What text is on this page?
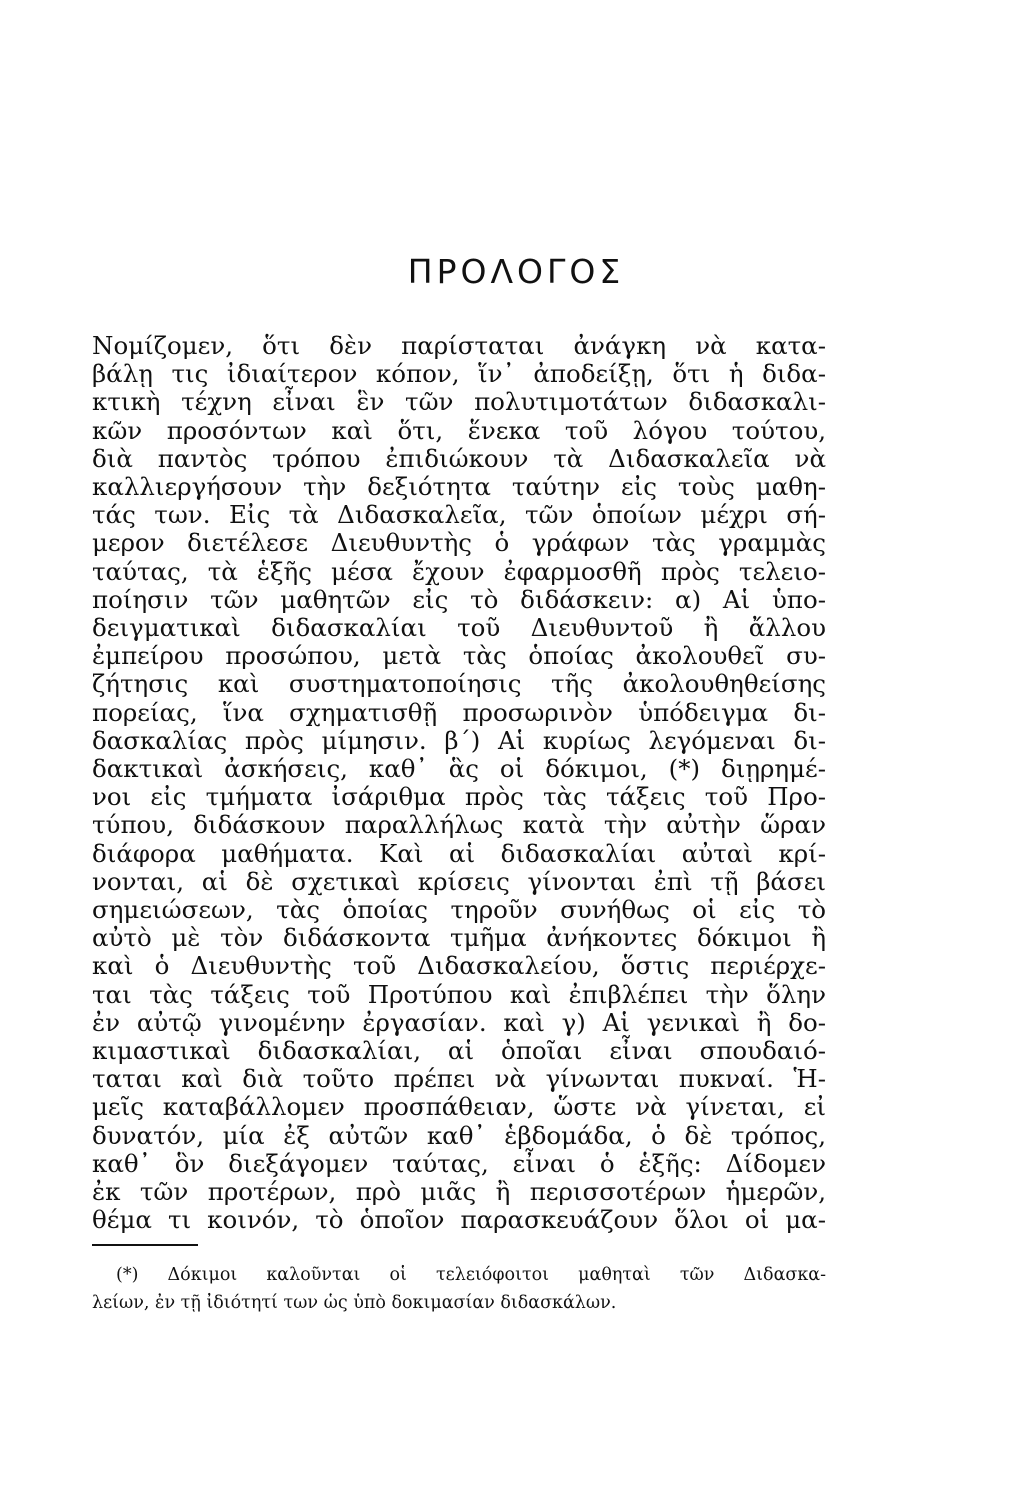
ΠΡΟΛΟΓΟΣ
Νομίζομεν, ὅτι δὲν παρίσταται ἀνάγκη νὰ κατα-
βάλῃ τις ἰδιαίτερον κόπον, ἵν᾽ ἀποδείξῃ, ὅτι ἡ διδα-
κτικὴ τέχνη εἶναι ἓν τῶν πολυτιμοτάτων διδασκαλι-
κῶν προσόντων καὶ ὅτι, ἕνεκα τοῦ λόγου τούτου,
διὰ παντὸς τρόπου ἐπιδιώκουν τὰ Διδασκαλεῖα νὰ
καλλιεργήσουν τὴν δεξιότητα ταύτην εἰς τοὺς μαθη-
τάς των. Εἰς τὰ Διδασκαλεῖα, τῶν ὁποίων μέχρι σή-
μερον διετέλεσε Διευθυντὴς ὁ γράφων τὰς γραμμὰς
ταύτας, τὰ ἑξῆς μέσα ἔχουν ἐφαρμοσθῆ πρὸς τελειο-
ποίησιν τῶν μαθητῶν εἰς τὸ διδάσκειν: α) Αἱ ὑπο-
δειγματικαὶ διδασκαλίαι τοῦ Διευθυντοῦ ἢ ἄλλου
ἐμπείρου προσώπου, μετὰ τὰς ὁποίας ἀκολουθεῖ συ-
ζήτησις καὶ συστηματοποίησις τῆς ἀκολουθηθείσης
πορείας, ἵνα σχηματισθῇ προσωρινὸν ὑπόδειγμα δι-
δασκαλίας πρὸς μίμησιν. β´) Αἱ κυρίως λεγόμεναι δι-
δακτικαὶ ἀσκήσεις, καθ᾽ ἃς οἱ δόκιμοι, (*) διῃρημέ-
νοι εἰς τμήματα ἰσάριθμα πρὸς τὰς τάξεις τοῦ Προ-
τύπου, διδάσκουν παραλλήλως κατὰ τὴν αὐτὴν ὥραν
διάφορα μαθήματα. Καὶ αἱ διδασκαλίαι αὐταὶ κρί-
νονται, αἱ δὲ σχετικαὶ κρίσεις γίνονται ἐπὶ τῇ βάσει
σημειώσεων, τὰς ὁποίας τηροῦν συνήθως οἱ εἰς τὸ
αὐτὸ μὲ τὸν διδάσκοντα τμῆμα ἀνήκοντες δόκιμοι ἢ
καὶ ὁ Διευθυντὴς τοῦ Διδασκαλείου, ὅστις περιέρχε-
ται τὰς τάξεις τοῦ Προτύπου καὶ ἐπιβλέπει τὴν ὅλην
ἐν αὐτῷ γινομένην ἐργασίαν. καὶ γ) Αἱ γενικαὶ ἢ δο-
κιμαστικαὶ διδασκαλίαι, αἱ ὁποῖαι εἶναι σπουδαιό-
ταται καὶ διὰ τοῦτο πρέπει νὰ γίνωνται πυκναί. Ἡ-
μεῖς καταβάλλομεν προσπάθειαν, ὥστε νὰ γίνεται, εἰ
δυνατόν, μία ἐξ αὐτῶν καθ᾽ ἑβδομάδα, ὁ δὲ τρόπος,
καθ᾽ ὃν διεξάγομεν ταύτας, εἶναι ὁ ἑξῆς: Δίδομεν
ἐκ τῶν προτέρων, πρὸ μιᾶς ἢ περισσοτέρων ἡμερῶν,
θέμα τι κοινόν, τὸ ὁποῖον παρασκευάζουν ὅλοι οἱ μα-
(*) Δόκιμοι καλοῦνται οἱ τελειόφοιτοι μαθηταὶ τῶν Διδασκα-
λείων, ἐν τῇ ἰδιότητί των ὡς ὑπὸ δοκιμασίαν διδασκάλων.
